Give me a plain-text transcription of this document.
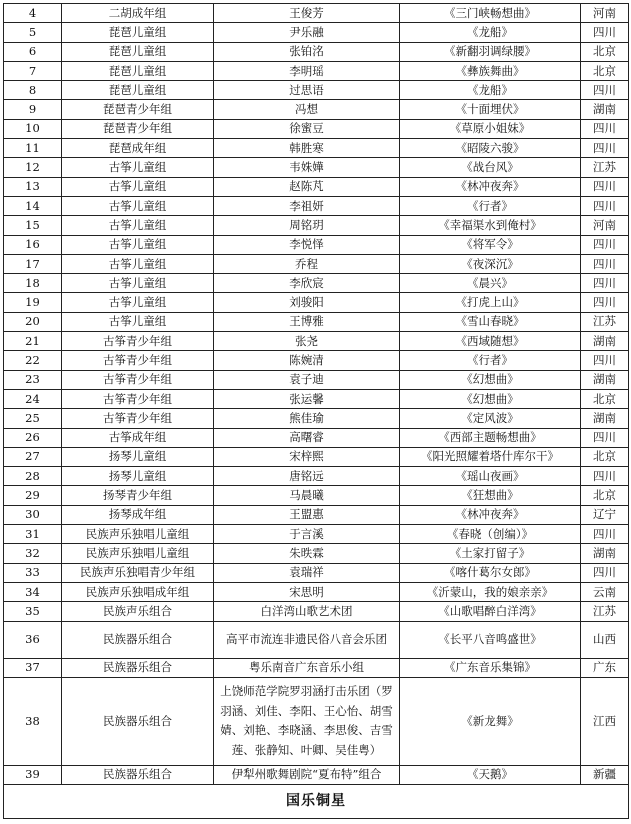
4	二胡成年组	王俊芳	《三门峡畅想曲》	河南
5	琵琶儿童组	尹乐融	《龙船》	四川
6	琵琶儿童组	张铂洺	《新翻羽调绿腰》	北京
7	琵琶儿童组	李明瑶	《彝族舞曲》	北京
8	琵琶儿童组	过思语	《龙船》	四川
9	琵琶青少年组	冯想	《十面埋伏》	湖南
10	琵琶青少年组	徐蜜豆	《草原小姐妹》	四川
11	琵琶成年组	韩胜寒	《昭陵六骏》	四川
12	古筝儿童组	韦姝嬅	《战台风》	江苏
13	古筝儿童组	赵陈芃	《林冲夜奔》	四川
14	古筝儿童组	李祖妍	《行者》	四川
15	古筝儿童组	周铭玥	《幸福渠水到俺村》	河南
16	古筝儿童组	李悦怿	《将军令》	四川
17	古筝儿童组	乔程	《夜深沉》	四川
18	古筝儿童组	李欣宸	《晨兴》	四川
19	古筝儿童组	刘骏阳	《打虎上山》	四川
20	古筝儿童组	王博雅	《雪山春晓》	江苏
21	古筝青少年组	张尧	《西域随想》	湖南
22	古筝青少年组	陈婉清	《行者》	四川
23	古筝青少年组	袁子迪	《幻想曲》	湖南
24	古筝青少年组	张运馨	《幻想曲》	北京
25	古筝青少年组	熊佳瑜	《定风波》	湖南
26	古筝成年组	高曙睿	《西部主题畅想曲》	四川
27	扬琴儿童组	宋梓熙	《阳光照耀着塔什库尔干》	北京
28	扬琴儿童组	唐铭远	《瑶山夜画》	四川
29	扬琴青少年组	马晨曦	《狂想曲》	北京
30	扬琴成年组	王盟惠	《林冲夜奔》	辽宁
31	民族声乐独唱儿童组	于言溪	《春晓（创编）》	四川
32	民族声乐独唱儿童组	朱昳霖	《土家打留子》	湖南
33	民族声乐独唱青少年组	袁瑞祥	《喀什葛尔女郎》	四川
34	民族声乐独唱成年组	宋思明	《沂蒙山，我的娘亲亲》	云南
35	民族声乐组合	白洋湾山歌艺术团	《山歌唱醉白洋湾》	江苏
36	民族器乐组合	高平市流连非遗民俗八音会乐团	《长平八音鸣盛世》	山西
37	民族器乐组合	粤乐南音广东音乐小组	《广东音乐集锦》	广东
38	民族器乐组合	上饶师范学院罗羽涵打击乐团（罗羽涵、刘佳、李阳、王心怡、胡雪婧、刘艳、李晓涵、李思俊、吉雪莲、张静知、叶卿、吴佳粤）	《新龙舞》	江西
39	民族器乐组合	伊犁州歌舞剧院“夏布特”组合	《天鹅》	新疆
国乐铜星				
